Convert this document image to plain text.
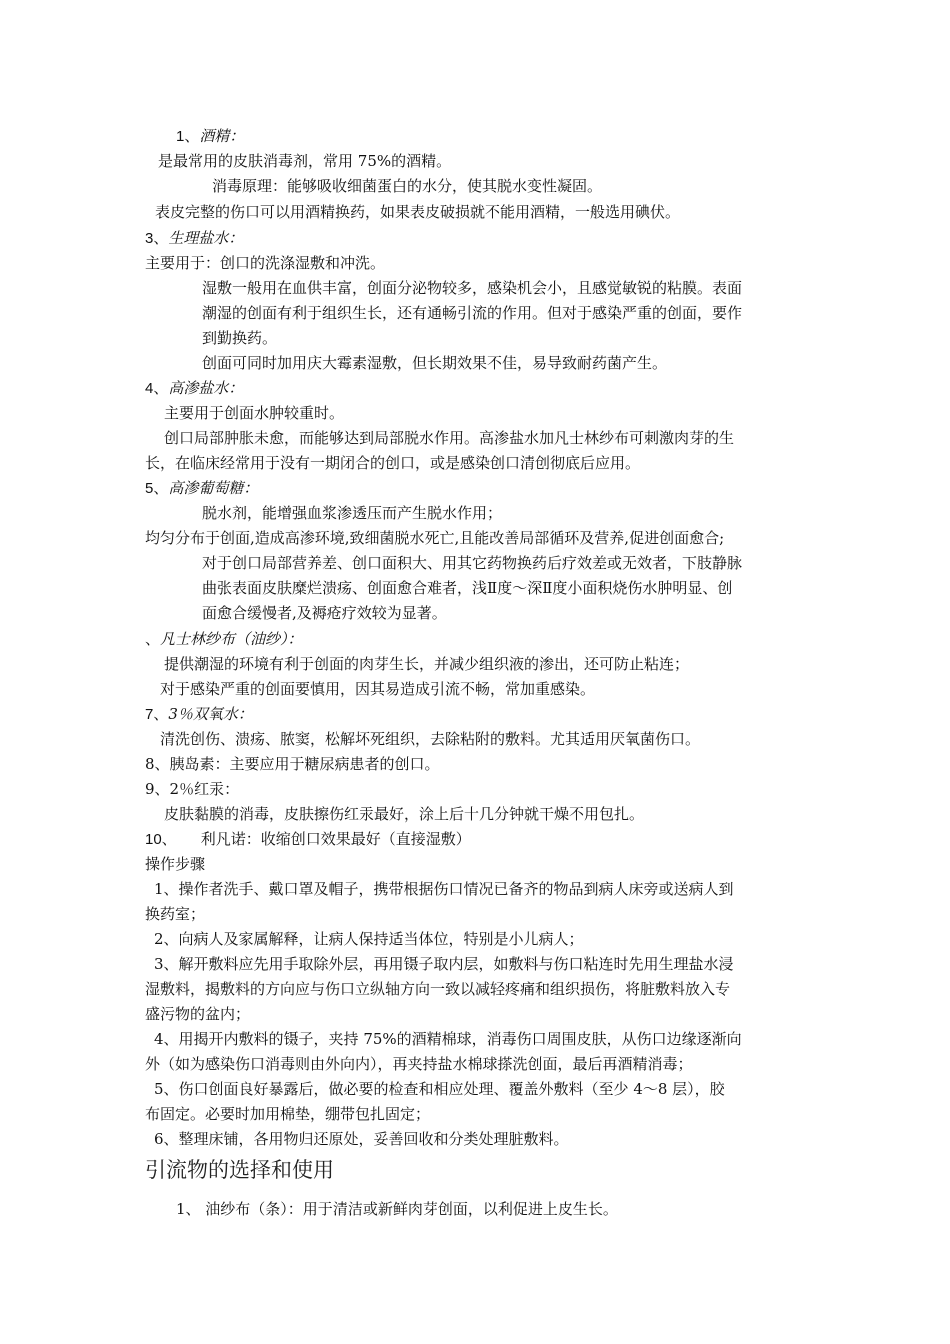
1、酒精：
是最常用的皮肤消毒剂，常用 75%的酒精。
消毒原理：能够吸收细菌蛋白的水分，使其脱水变性凝固。
表皮完整的伤口可以用酒精换药，如果表皮破损就不能用酒精，一般选用碘伏。
3、生理盐水：
主要用于：创口的洗涤湿敷和冲洗。
湿敷一般用在血供丰富，创面分泌物较多，感染机会小，且感觉敏锐的粘膜。表面
潮湿的创面有利于组织生长，还有通畅引流的作用。但对于感染严重的创面，要作
到勤换药。
创面可同时加用庆大霉素湿敷，但长期效果不佳，易导致耐药菌产生。
4、高渗盐水：
主要用于创面水肿较重时。
创口局部肿胀未愈，而能够达到局部脱水作用。高渗盐水加凡士林纱布可刺激肉芽的生
长，在临床经常用于没有一期闭合的创口，或是感染创口清创彻底后应用。
5、高渗葡萄糖：
脱水剂，能增强血浆渗透压而产生脱水作用；
均匀分布于创面,造成高渗环境,致细菌脱水死亡,且能改善局部循环及营养,促进创面愈合;
对于创口局部营养差、创口面积大、用其它药物换药后疗效差或无效者，下肢静脉
曲张表面皮肤糜烂溃疡、创面愈合难者，浅Ⅱ度～深Ⅱ度小面积烧伤水肿明显、创
面愈合缓慢者,及褥疮疗效较为显著。
、凡士林纱布（油纱）：
提供潮湿的环境有利于创面的肉芽生长，并减少组织液的渗出，还可防止粘连；
对于感染严重的创面要慎用，因其易造成引流不畅，常加重感染。
7、3％双氧水：
清洗创伤、溃疡、脓窦，松解坏死组织，去除粘附的敷料。尤其适用厌氧菌伤口。
8、胰岛素：主要应用于糖尿病患者的创口。
9、2％红汞：
皮肤黏膜的消毒，皮肤擦伤红汞最好，涂上后十几分钟就干燥不用包扎。
10、 利凡诺：收缩创口效果最好（直接湿敷）
操作步骤
1、操作者洗手、戴口罩及帽子，携带根据伤口情况已备齐的物品到病人床旁或送病人到
换药室；
2、向病人及家属解释，让病人保持适当体位，特别是小儿病人；
3、解开敷料应先用手取除外层，再用镊子取内层，如敷料与伤口粘连时先用生理盐水浸
湿敷料，揭敷料的方向应与伤口立纵轴方向一致以减轻疼痛和组织损伤，将脏敷料放入专
盛污物的盆内；
4、用揭开内敷料的镊子，夹持 75%的酒精棉球，消毒伤口周围皮肤，从伤口边缘逐渐向
外（如为感染伤口消毒则由外向内），再夹持盐水棉球搽洗创面，最后再酒精消毒；
5、伤口创面良好暴露后，做必要的检查和相应处理、覆盖外敷料（至少 4～8 层），胶
布固定。必要时加用棉垫，绷带包扎固定；
6、整理床铺，各用物归还原处，妥善回收和分类处理脏敷料。
引流物的选择和使用
1、 油纱布（条）：用于清洁或新鲜肉芽创面，以利促进上皮生长。
